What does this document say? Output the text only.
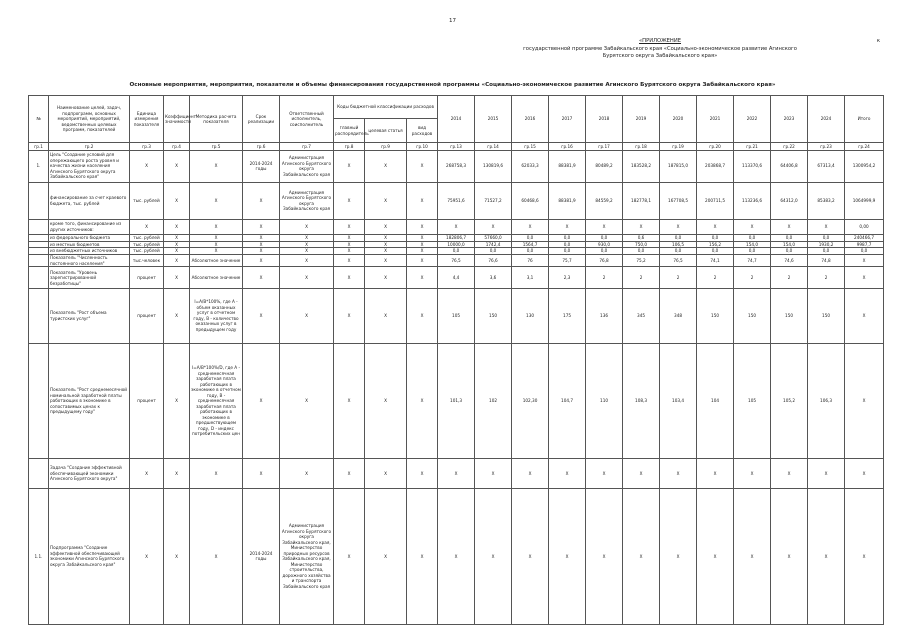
17
к
«ПРИЛОЖЕНИЕ
государственной программе Забайкальского края «Социально-экономическое развитие Агинского
Бурятского округа Забайкальского края»
Основные мероприятия, мероприятия, показатели и объемы финансирования государственной программы «Социально-экономическое развитие Агинского Бурятского округа Забайкальского края»
№	Наименование целей, задач, подпрограмм, основных мероприятий, мероприятий, ведомственных целевых программ, показателей	Единица измерения показателя	Коэффициент значимости	Методика расчета показателя	Срок реализации	Ответственный исполнитель, соисполнитель	Коды бюджетной классификации расходов			2014	2015	2016	2017	2018	2019	2020	2021	2022	2023	2024	Итого
							главный распорядитель	целевая статья	вид расходов												
гр.1	гр.2	гр.3	гр.4	гр.5	гр.6	гр.7	гр.8	гр.9	гр.10	гр.13	гр.14	гр.15	гр.16	гр.17	гр.18	гр.19	гр.20	гр.21	гр.22	гр.23	гр.24
1.	Цель "Создание условий для опережающего роста уровня и качества жизни населения Агинского Бурятского округа Забайкальского края"	X	X	X	2014-2024 годы	Администрация Агинского Бурятского округа Забайкальского края	X	X	X	268758,3	130819,6	62033,3	88381,9	80489,2	183528,2	187815,0	203868,7	113370,6	64406,8	67313,4	1300954,2
	финансирование за счет краевого бюджета, тыс. рублей	тыс. рублей	X	X	X	Администрация Агинского Бурятского округа Забайкальского края	X	X	X	75951,6	71527,2	60468,6	88381,9	84559,2	182778,1	167708,5	200711,5	113236,6	64312,0	85383,2	1064999,9
	кроме того, финансирование из других источников:	X	X	X	X	X	X	X	X	X	X	X	X	X	X	X	X	X	X	X	0,00
	из федерального бюджета	тыс. рублей	X	X	X	X	X	X	X	182806,7	57660,0	0,0	0,0	0,0	0,6	0,0	0,0	0,0	0,0	0,0	240466,7
	из местных бюджетов	тыс. рублей	X	X	X	X	X	X	X	10000,0	1742,4	1564,7	0,0	930,0	750,0	106,5	156,2	154,0	154,0	1930,2	9987,7
	из внебюджетных источников	тыс. рублей	X	X	X	X	X	X	X	0,0	0,0	0,0	0,0	0,0	0,0	0,0	0,0	0,0	0,0	0,0	0,0
	Показатель "Численность постоянного населения"	тыс.человек	X	Абсолютное значение	X	X	X	X	X	76,5	76,6	76	75,7	76,8	75,2	76,5	74,1	74,7	74,6	74,8	X
	Показатель "Уровень зарегистрированной безработицы"	процент	X	Абсолютное значение	X	X	X	X	X	4,4	3,6	3,1	2,3	2	2	2	2	2	2	2	X
	Показатель "Рост объема туристских услуг"	процент	X	I=A/B*100%, где А - объем оказанных услуг в отчетном году, В - количество оказанных услуг в предыдущем году	X	X	X	X	X	105	150	130	175	136	345	348	150	150	150	150	X
	Показатель "Рост среднемесячной номинальной заработной платы работающих в экономике в сопоставимых ценах к предыдущему году"	процент	X	I=A/B*100%/D, где А - среднемесячная заработная плата работающих в экономике в отчетном году, В - среднемесячная заработная плата работающих в экономике в предшествующем году, D - индекс потребительских цен	X	X	X	X	X	101,3	102	102,30	104,7	110	108,3	103,4	104	105	105,2	106,3	X
	Задача "Создание эффективной обеспечивающей экономики Агинского Бурятского округа"	X	X	X	X	X	X	X	X	X	X	X	X	X	X	X	X	X	X	X	X
1.1.	Подпрограмма "Создание эффективной обеспечивающей экономики Агинского Бурятского округа Забайкальского края"	X	X	X	2014-2024 годы	Администрация Агинского Бурятского округа Забайкальского края, Министерство природных ресурсов Забайкальского края, Министерство строительства, дорожного хозяйства и транспорта Забайкальского края	X	X	X	X	X	X	X	X	X	X	X	X	X	X	X
